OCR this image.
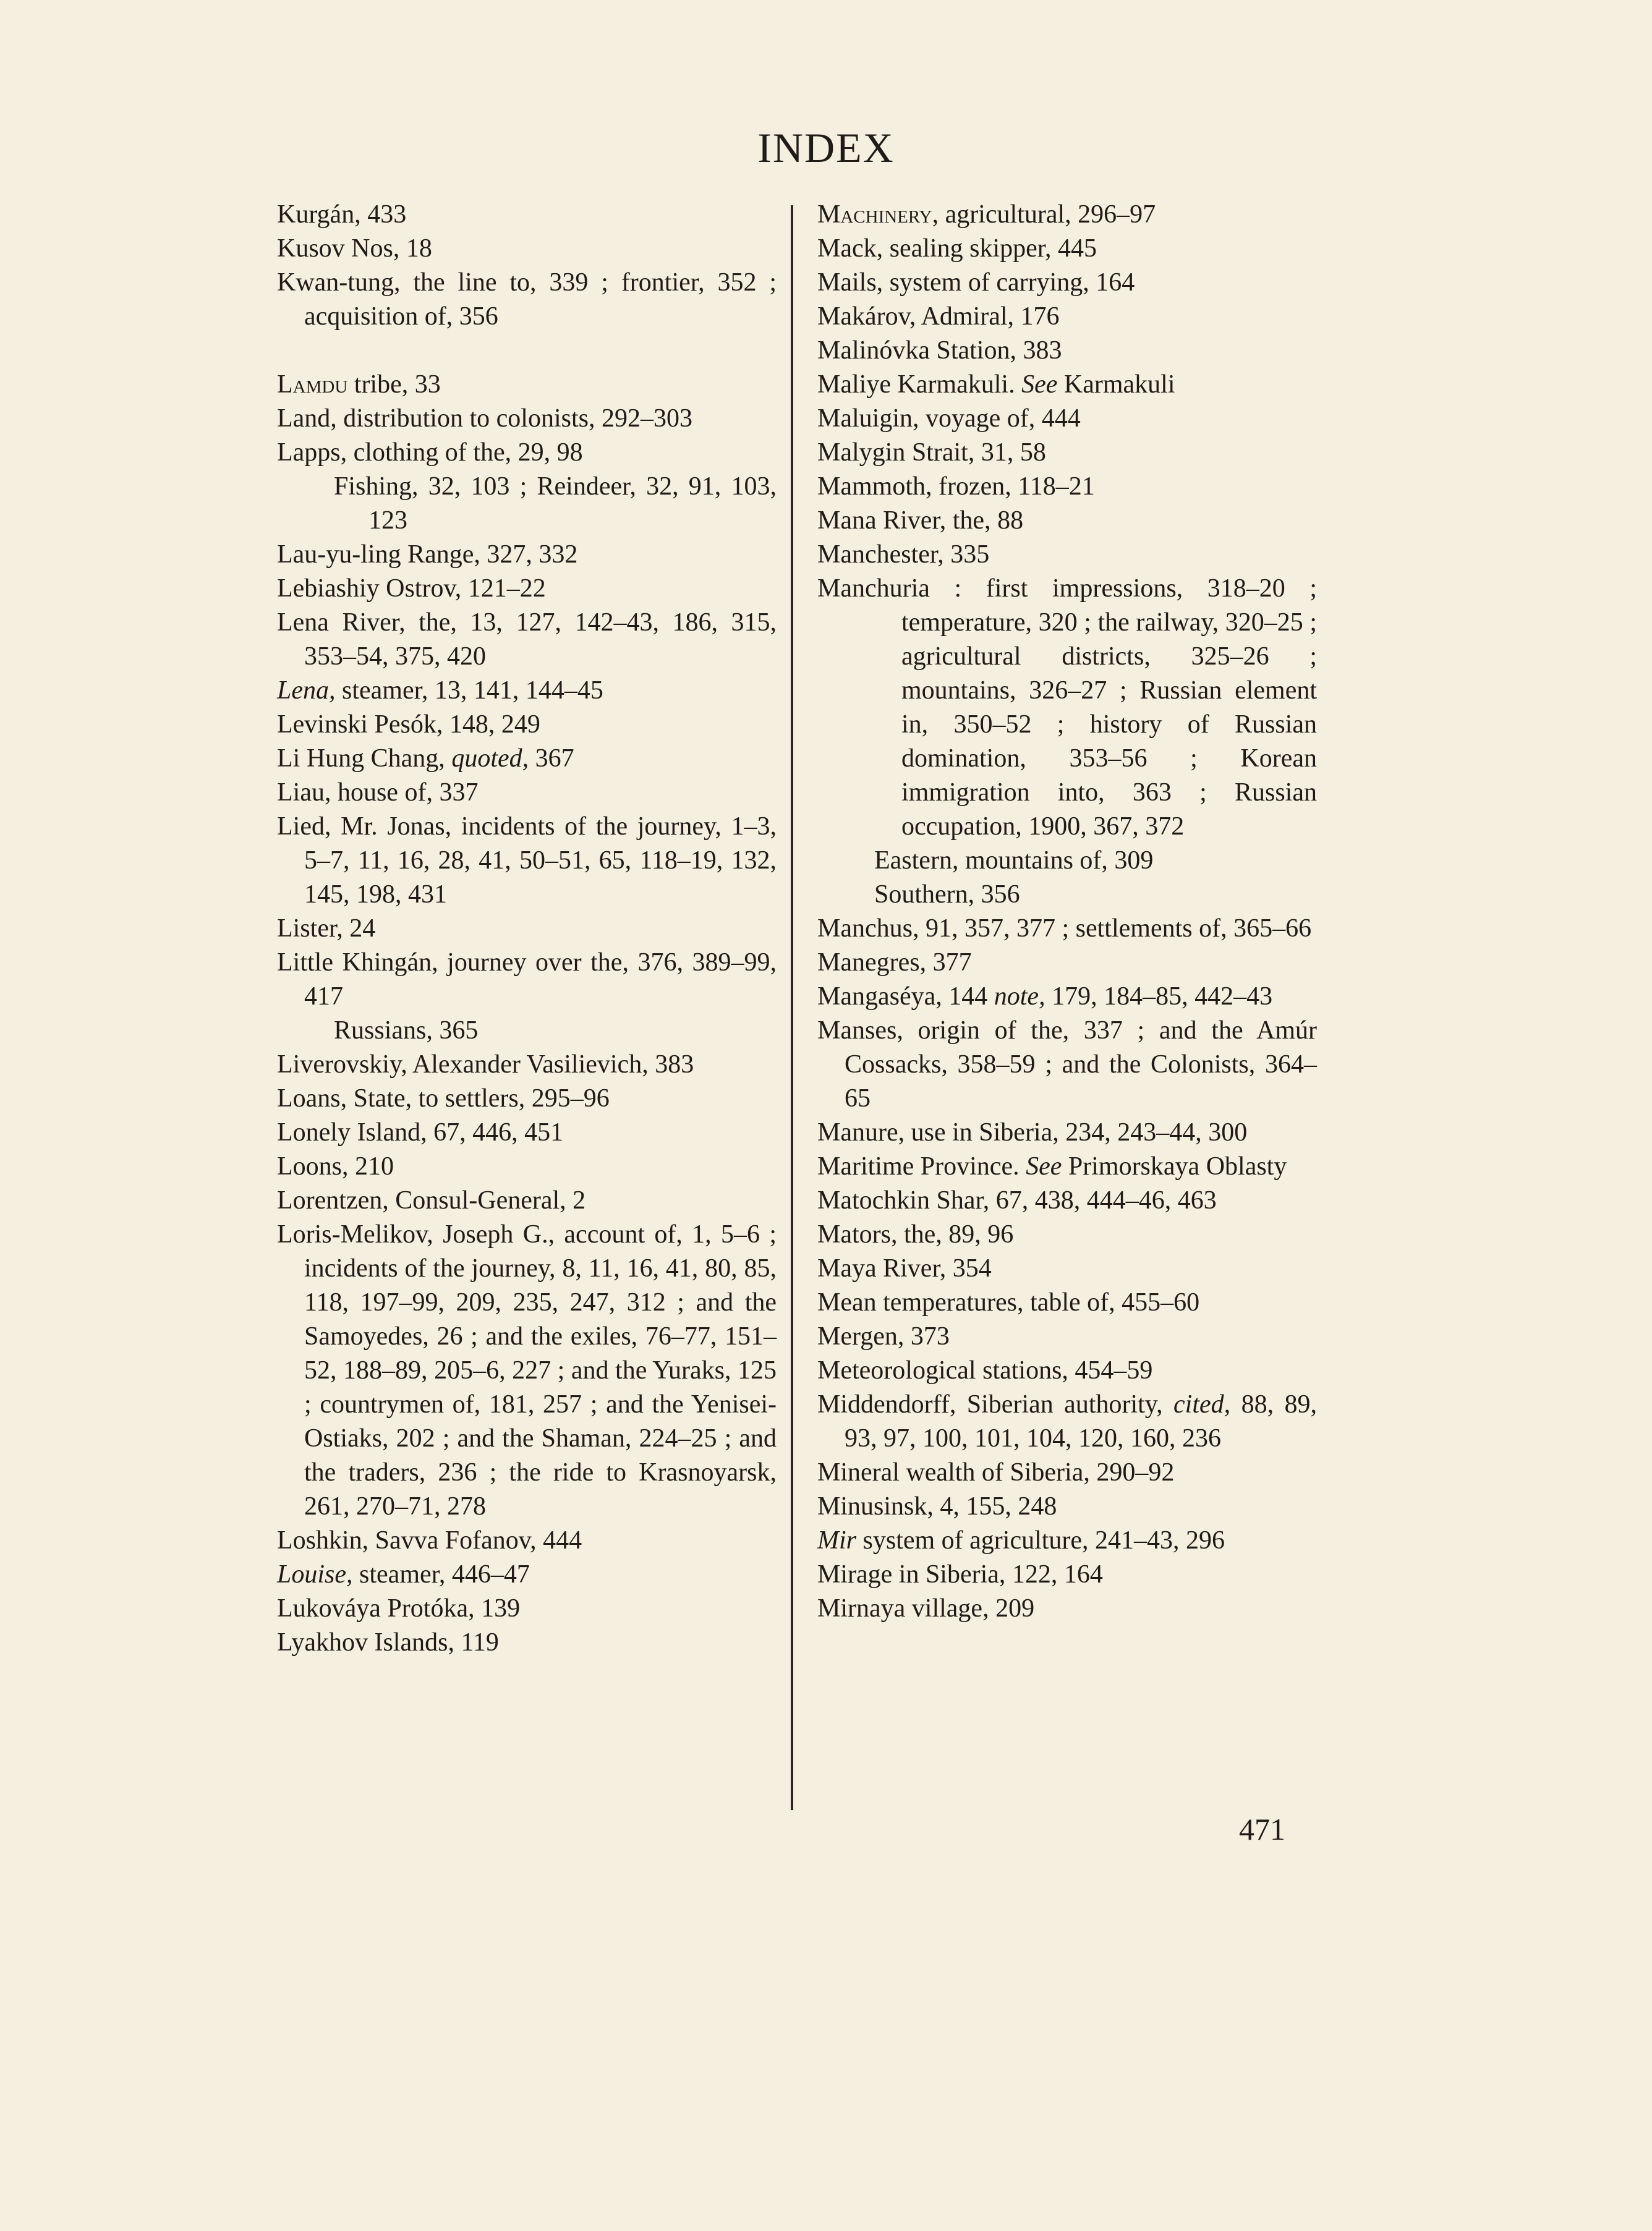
INDEX

Kurgán, 433

Kusov Nos, 18

Kwan-tung, the line to, 339 ; frontier, 352 ; acquisition of, 356

Lamdu tribe, 33

Land, distribution to colonists, 292–303

Lapps, clothing of the, 29, 98

Fishing, 32, 103 ; Reindeer, 32, 91, 103, 123

Lau-yu-ling Range, 327, 332

Lebiashiy Ostrov, 121–22

Lena River, the, 13, 127, 142–43, 186, 315, 353–54, 375, 420

Lena, steamer, 13, 141, 144–45

Levinski Pesók, 148, 249

Li Hung Chang, quoted, 367

Liau, house of, 337

Lied, Mr. Jonas, incidents of the journey, 1–3, 5–7, 11, 16, 28, 41, 50–51, 65, 118–19, 132, 145, 198, 431

Lister, 24

Little Khingán, journey over the, 376, 389–99, 417

Russians, 365

Liverovskiy, Alexander Vasilievich, 383

Loans, State, to settlers, 295–96

Lonely Island, 67, 446, 451

Loons, 210

Lorentzen, Consul-General, 2

Loris-Melikov, Joseph G., account of, 1, 5–6 ; incidents of the journey, 8, 11, 16, 41, 80, 85, 118, 197–99, 209, 235, 247, 312 ; and the Samoyedes, 26 ; and the exiles, 76–77, 151–52, 188–89, 205–6, 227 ; and the Yuraks, 125 ; countrymen of, 181, 257 ; and the Yenisei-Ostiaks, 202 ; and the Shaman, 224–25 ; and the traders, 236 ; the ride to Krasnoyarsk, 261, 270–71, 278

Loshkin, Savva Fofanov, 444

Louise, steamer, 446–47

Lukováya Protóka, 139

Lyakhov Islands, 119

Machinery, agricultural, 296–97

Mack, sealing skipper, 445

Mails, system of carrying, 164

Makárov, Admiral, 176

Malinóvka Station, 383

Maliye Karmakuli. See Karmakuli

Maluigin, voyage of, 444

Malygin Strait, 31, 58

Mammoth, frozen, 118–21

Mana River, the, 88

Manchester, 335

Manchuria : first impressions, 318–20 ; temperature, 320 ; the railway, 320–25 ; agricultural districts, 325–26 ; mountains, 326–27 ; Russian element in, 350–52 ; history of Russian domination, 353–56 ; Korean immigration into, 363 ; Russian occupation, 1900, 367, 372

Eastern, mountains of, 309

Southern, 356

Manchus, 91, 357, 377 ; settlements of, 365–66

Manegres, 377

Mangaséya, 144 note, 179, 184–85, 442–43

Manses, origin of the, 337 ; and the Amúr Cossacks, 358–59 ; and the Colonists, 364–65

Manure, use in Siberia, 234, 243–44, 300

Maritime Province. See Primorskaya Oblasty

Matochkin Shar, 67, 438, 444–46, 463

Mators, the, 89, 96

Maya River, 354

Mean temperatures, table of, 455–60

Mergen, 373

Meteorological stations, 454–59

Middendorff, Siberian authority, cited, 88, 89, 93, 97, 100, 101, 104, 120, 160, 236

Mineral wealth of Siberia, 290–92

Minusinsk, 4, 155, 248

Mir system of agriculture, 241–43, 296

Mirage in Siberia, 122, 164

Mirnaya village, 209

471
